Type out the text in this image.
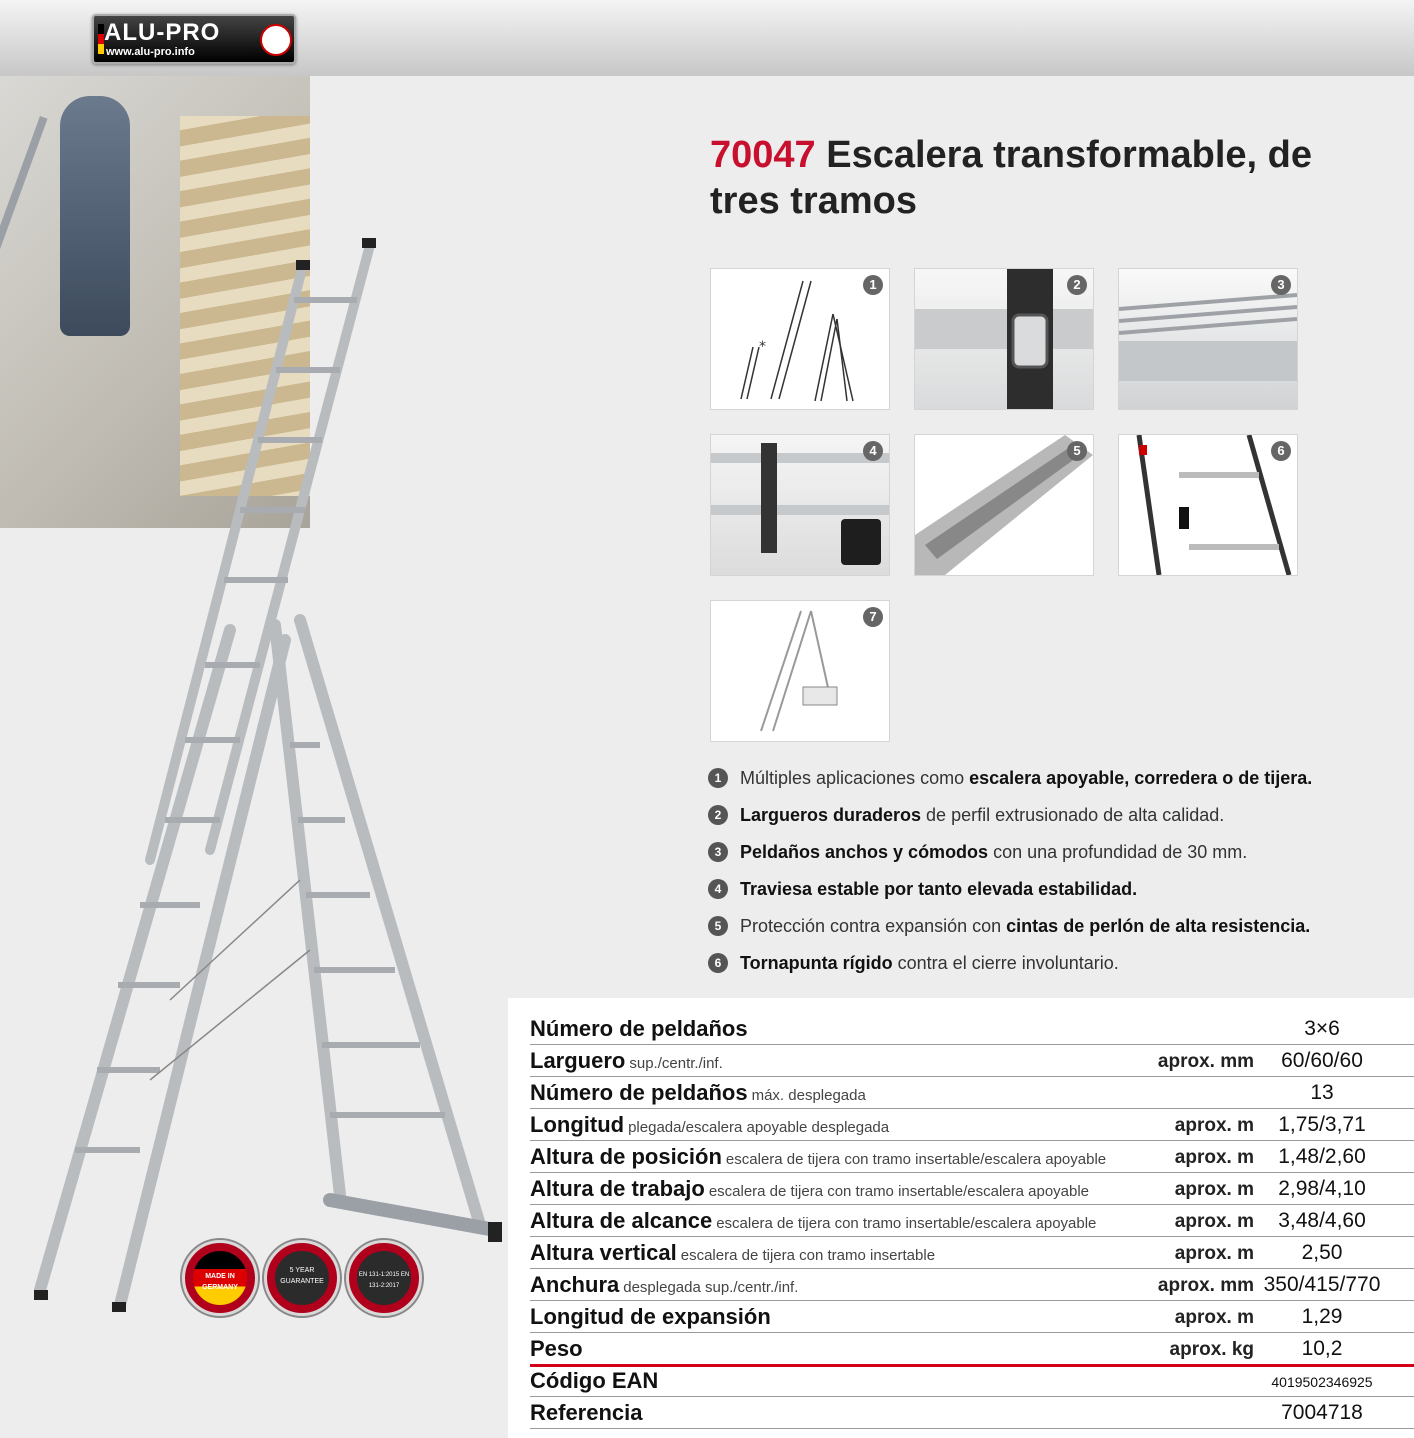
ALU-PRO
www.alu-pro.info
70047 Escalera transformable, de tres tramos
*
1	2	3
4	5	6
7
1	Múltiples aplicaciones como escalera apoyable, corredera o de tijera.
2	Largueros duraderos de perfil extrusionado de alta calidad.
3	Peldaños anchos y cómodos con una profundidad de 30 mm.
4	Traviesa estable por tanto elevada estabilidad.
5	Protección contra expansión con cintas de perlón de alta resistencia.
6	Tornapunta rígido contra el cierre involuntario.
Número de peldaños	3×6
Larguero sup./centr./inf.	aprox. mm	60/60/60
Número de peldaños máx. desplegada	13
Longitud plegada/escalera apoyable desplegada	aprox. m	1,75/3,71
Altura de posición escalera de tijera con tramo insertable/escalera apoyable	aprox. m	1,48/2,60
Altura de trabajo escalera de tijera con tramo insertable/escalera apoyable	aprox. m	2,98/4,10
Altura de alcance escalera de tijera con tramo insertable/escalera apoyable	aprox. m	3,48/4,60
Altura vertical escalera de tijera con tramo insertable	aprox. m	2,50
Anchura desplegada sup./centr./inf.	aprox. mm 350/415/770
Longitud de expansión	aprox. m	1,29
Peso	aprox. kg	10,2
Código EAN	4019502346925
Referencia	7004718
MADE IN GERMANY
5 YEAR GUARANTEE
$_{EN 131-1:2015 EN 131-2:2017}$
